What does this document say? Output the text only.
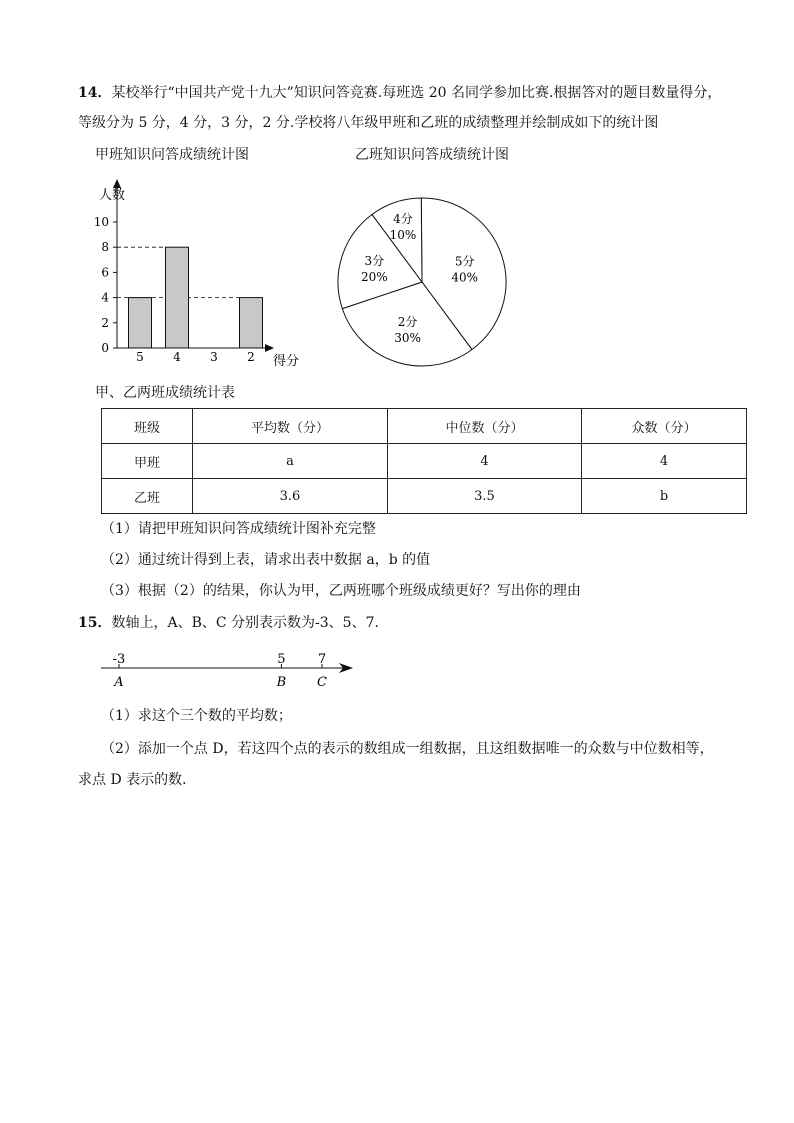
14．某校举行“中国共产党十九大”知识问答竞赛.每班选 20 名同学参加比赛.根据答对的题目数量得分，
等级分为 5 分，4 分，3 分，2 分.学校将八年级甲班和乙班的成绩整理并绘制成如下的统计图
甲班知识问答成绩统计图	乙班知识问答成绩统计图
0
2
4
6
8
10
5 4 3 2
人数
得分
5分
40%
2分
30%
3分
20%
4分
10%
甲、乙两班成绩统计表
班级	平均数（分）	中位数（分）	众数（分）
甲班	a	4	4
乙班	3.6	3.5	b
（1）请把甲班知识问答成绩统计图补充完整
（2）通过统计得到上表，请求出表中数据 a，b 的值
（3）根据（2）的结果，你认为甲，乙两班哪个班级成绩更好？写出你的理由
15．数轴上，A、B、C 分别表示数为-3、5、7．
-3
A
5
B
7
C
（1）求这个三个数的平均数；
（2）添加一个点 D，若这四个点的表示的数组成一组数据，且这组数据唯一的众数与中位数相等，
求点 D 表示的数．
